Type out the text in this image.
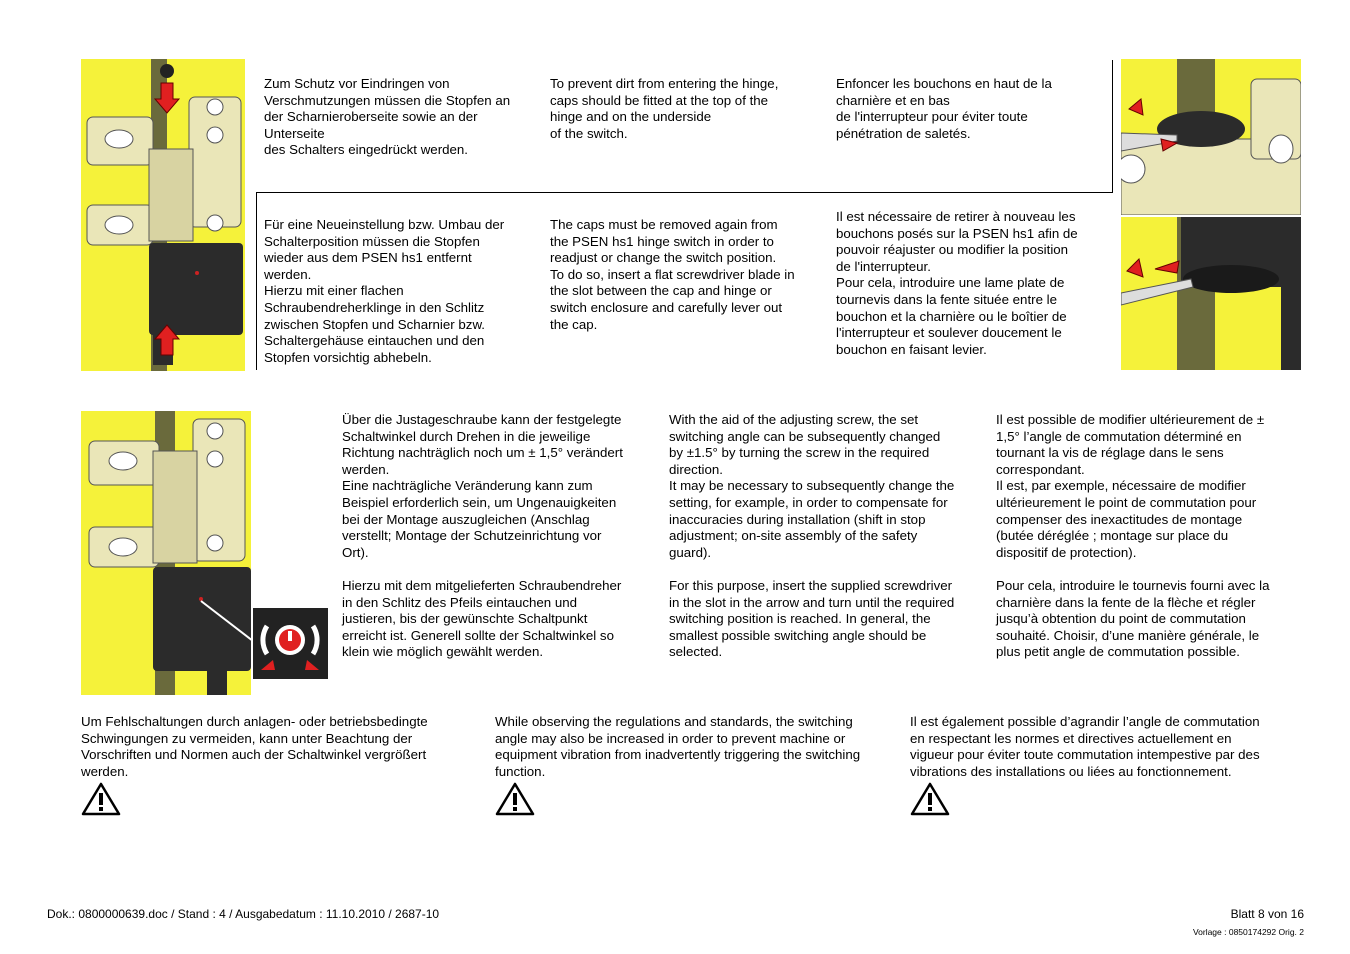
Zum Schutz vor Eindringen von
Verschmutzungen müssen die Stopfen an
der Scharnieroberseite sowie an der
Unterseite
des Schalters eingedrückt werden.
To prevent dirt from entering the hinge,
caps should be fitted at the top of the
hinge and on the underside
of the switch.
Enfoncer les bouchons en haut de la
charnière et en bas
de l'interrupteur pour éviter toute
pénétration de saletés.
Für eine Neueinstellung bzw. Umbau der
Schalterposition müssen die Stopfen
wieder aus dem PSEN hs1 entfernt
werden.
Hierzu mit einer flachen
Schraubendreherklinge in den Schlitz
zwischen Stopfen und Scharnier bzw.
Schaltergehäuse eintauchen und den
Stopfen vorsichtig abhebeln.
The caps must be removed again from
the PSEN hs1 hinge switch in order to
readjust or change the switch position.
To do so, insert a flat screwdriver blade in
the slot between the cap and hinge or
switch enclosure and carefully lever out
the cap.
Il est nécessaire de retirer à nouveau les
bouchons posés sur la PSEN hs1 afin de
pouvoir réajuster ou modifier la position
de l'interrupteur.
Pour cela, introduire une lame plate de
tournevis dans la fente située entre le
bouchon et la charnière ou le boîtier de
l'interrupteur et soulever doucement le
bouchon en faisant levier.
Über die Justageschraube kann der festgelegte
Schaltwinkel durch Drehen in die jeweilige
Richtung nachträglich noch um ± 1,5° verändert
werden.
Eine nachträgliche Veränderung kann zum
Beispiel erforderlich sein, um Ungenauigkeiten
bei der Montage auszugleichen (Anschlag
verstellt; Montage der Schutzeinrichtung vor
Ort).

Hierzu mit dem mitgelieferten Schraubendreher
in den Schlitz des Pfeils eintauchen und
justieren, bis der gewünschte Schaltpunkt
erreicht ist. Generell sollte der Schaltwinkel so
klein wie möglich gewählt werden.
With the aid of the adjusting screw, the set
switching angle can be subsequently changed
by ±1.5° by turning the screw in the required
direction.
It may be necessary to subsequently change the
setting, for example, in order to compensate for
inaccuracies during installation (shift in stop
adjustment; on-site assembly of the safety
guard).

For this purpose, insert the supplied screwdriver
in the slot in the arrow and turn until the required
switching position is reached. In general, the
smallest possible switching angle should be
selected.
Il est possible de modifier ultérieurement de ±
1,5° l’angle de commutation déterminé en
tournant la vis de réglage dans le sens
correspondant.
Il est, par exemple, nécessaire de modifier
ultérieurement le point de commutation pour
compenser des inexactitudes de montage
(butée déréglée ; montage sur place du
dispositif de protection).

Pour cela, introduire le tournevis fourni avec la
charnière dans la fente de la flèche et régler
jusqu’à obtention du point de commutation
souhaité. Choisir, d’une manière générale, le
plus petit angle de commutation possible.
Um Fehlschaltungen durch anlagen- oder betriebsbedingte
Schwingungen zu vermeiden, kann unter Beachtung der
Vorschriften und Normen auch der Schaltwinkel vergrößert
werden.
While observing the regulations and standards, the switching
angle may also be increased in order to prevent machine or
equipment vibration from inadvertently triggering the switching
function.
Il est également possible d’agrandir l’angle de commutation
en respectant les normes et directives actuellement en
vigueur pour éviter toute commutation intempestive par des
vibrations des installations ou liées au fonctionnement.
Dok.: 0800000639.doc / Stand : 4 / Ausgabedatum : 11.10.2010 / 2687-10	Blatt 8 von 16
Vorlage : 0850174292 Orig. 2
